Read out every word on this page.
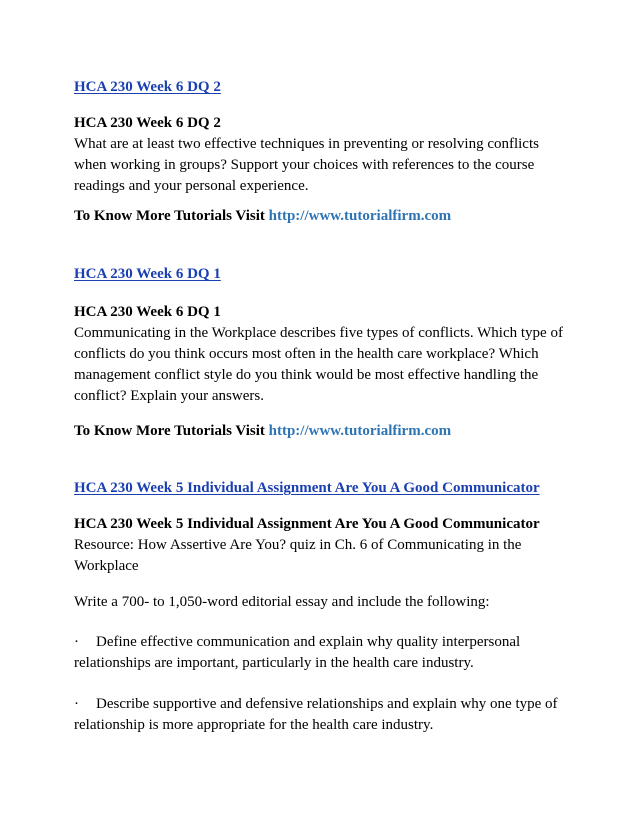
HCA 230 Week 6 DQ 2
HCA 230 Week 6 DQ 2
What are at least two effective techniques in preventing or resolving conflicts
when working in groups? Support your choices with references to the course
readings and your personal experience.
To Know More Tutorials Visit http://www.tutorialfirm.com
HCA 230 Week 6 DQ 1
HCA 230 Week 6 DQ 1
Communicating in the Workplace describes five types of conflicts. Which type of
conflicts do you think occurs most often in the health care workplace? Which
management conflict style do you think would be most effective handling the
conflict? Explain your answers.
To Know More Tutorials Visit http://www.tutorialfirm.com
HCA 230 Week 5 Individual Assignment Are You A Good Communicator
HCA 230 Week 5 Individual Assignment Are You A Good Communicator
Resource: How Assertive Are You? quiz in Ch. 6 of Communicating in the
Workplace
Write a 700- to 1,050-word editorial essay and include the following:
· Define effective communication and explain why quality interpersonal
relationships are important, particularly in the health care industry.
· Describe supportive and defensive relationships and explain why one type of
relationship is more appropriate for the health care industry.
